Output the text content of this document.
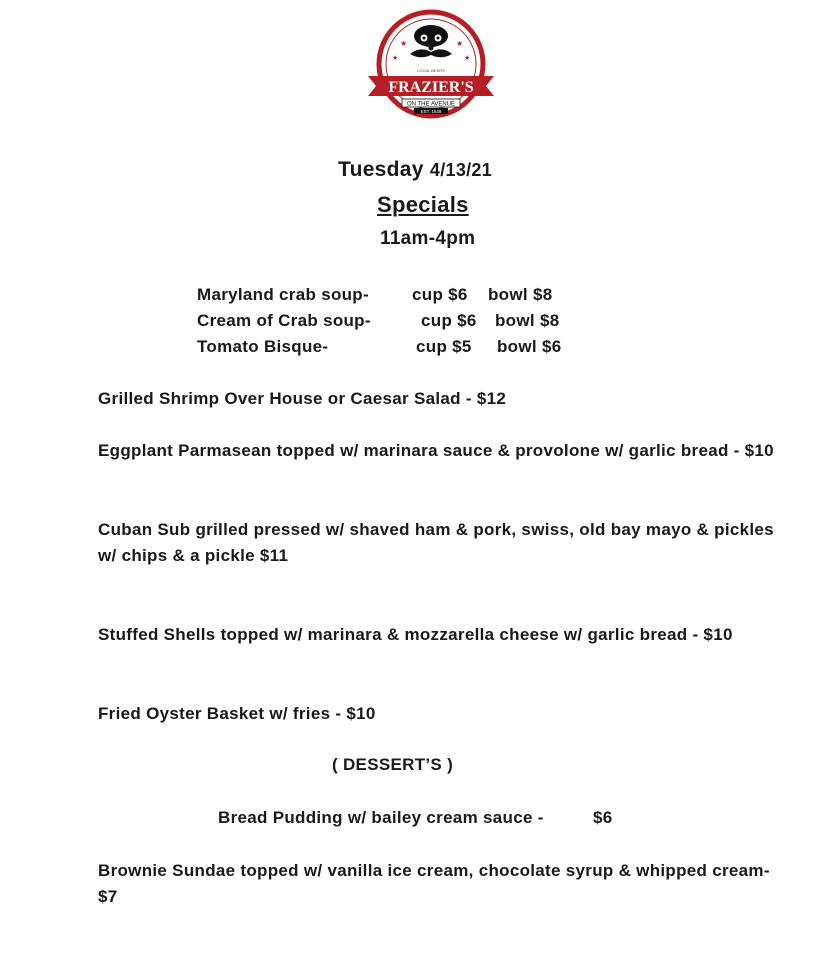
★	★
★	★
FRAZIER'S
ON THE AVENUE
EST. 1939
LOCAL BEERS
Tuesday 4/13/21
Specials
11am-4pm
Maryland crab soup-	cup $6 bowl $8
Cream of Crab soup-	cup $6 bowl $8
Tomato Bisque-	cup $5 bowl $6
Grilled Shrimp Over House or Caesar Salad - $12
Eggplant Parmasean topped w/ marinara sauce & provolone w/ garlic bread - $10
Cuban Sub grilled pressed w/ shaved ham & pork, swiss, old bay mayo & pickles w/ chips & a pickle $11
Stuffed Shells topped w/ marinara & mozzarella cheese w/ garlic bread - $10
Fried Oyster Basket w/ fries - $10
( DESSERT’S )
Bread Pudding w/ bailey cream sauce -	$6
Brownie Sundae topped w/ vanilla ice cream, chocolate syrup & whipped cream- $7
